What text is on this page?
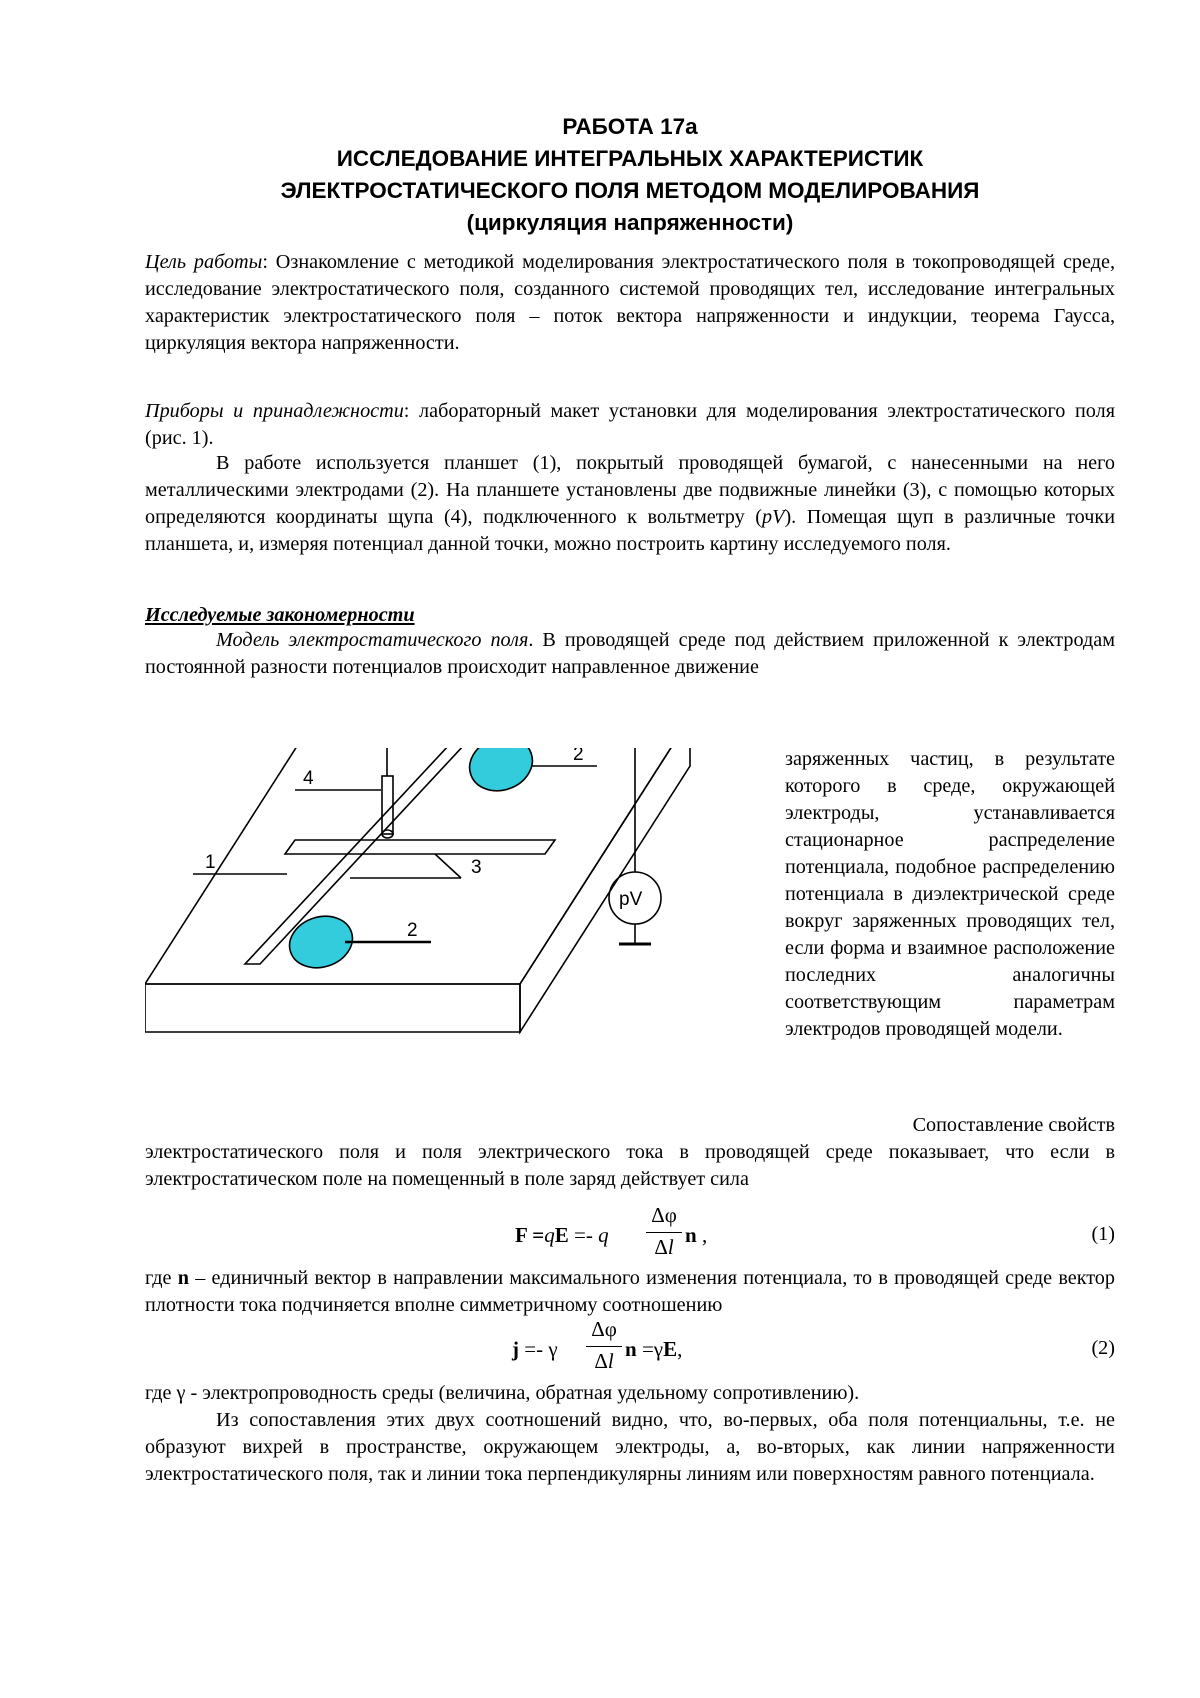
РАБОТА 17а
ИССЛЕДОВАНИЕ ИНТЕГРАЛЬНЫХ ХАРАКТЕРИСТИК
ЭЛЕКТРОСТАТИЧЕСКОГО ПОЛЯ МЕТОДОМ МОДЕЛИРОВАНИЯ
(циркуляция напряженности)

Цель работы: Ознакомление с методикой моделирования электростатического поля в токопроводящей среде, исследование электростатического поля, созданного системой проводящих тел, исследование интегральных характеристик электростатического поля – поток вектора напряженности и индукции, теорема Гаусса, циркуляция вектора напряженности.

Приборы и принадлежности: лабораторный макет установки для моделирования электростатического поля (рис. 1).

В работе используется планшет (1), покрытый проводящей бумагой, с нанесенными на него металлическими электродами (2). На планшете установлены две подвижные линейки (3), с помощью которых определяются координаты щупа (4), подключенного к вольтметру (pV). Помещая щуп в различные точки планшета, и, измеряя потенциал данной точки, можно построить картину исследуемого поля.

Исследуемые закономерности

Модель электростатического поля. В проводящей среде под действием приложенной к электродам постоянной разности потенциалов происходит направленное движение

1
2
2
3
4
pV

заряженных частиц, в результате которого в среде, окружающей электроды, устанавливается стационарное распределение потенциала, подобное распределению потенциала в диэлектрической среде вокруг заряженных проводящих тел, если форма и взаимное расположение последних аналогичны соответствующим параметрам электродов проводящей модели.

Сопоставление свойств

электростатического поля и поля электрического тока в проводящей среде показывает, что если в электростатическом поле на помещенный в поле заряд действует сила

F =qE =- q
Δφ
Δl n ,	(1)

где n – единичный вектор в направлении максимального изменения потенциала, то в проводящей среде вектор плотности тока подчиняется вполне симметричному соотношению

j =- γ
Δφ
Δl n =γE,	(2)

где γ - электропроводность среды (величина, обратная удельному сопротивлению).

Из сопоставления этих двух соотношений видно, что, во-первых, оба поля потенциальны, т.е. не образуют вихрей в пространстве, окружающем электроды, а, во-вторых, как линии напряженности электростатического поля, так и линии тока перпендикулярны линиям или поверхностям равного потенциала.
